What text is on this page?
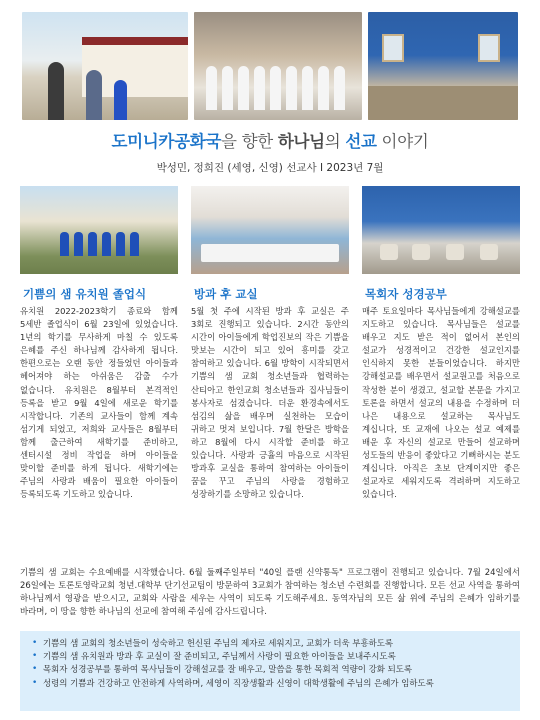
도미니카공화국을 향한 하나님의 선교 이야기
박성민, 정희진 (세영, 신영) 선교사 I 2023년 7월
기쁨의 샘 유치원 졸업식
유치원 2022-2023학기 종료와 함께 5세반 졸업식이 6월 23일에 있었습니다. 1년의 학기를 무사하게 마칠 수 있도록 은혜를 주신 하나님께 감사하게 됩니다. 한편으로는 오랜 동안 정들었던 아이들과 헤어져야 하는 아쉬움은 감출 수가 없습니다. 유치원은 8월부터 본격적인 등록을 받고 9월 4일에 새로운 학기를 시작합니다. 기존의 교사들이 함께 계속 섬기게 되었고, 저희와 교사들은 8월부터 함께 출근하여 새학기를 준비하고, 센터시설 정비 작업을 하며 아이들을 맞이할 준비를 하게 됩니다. 새학기에는 주님의 사랑과 배움이 필요한 아이들이 등록되도록 기도하고 있습니다.
방과 후 교실
5월 첫 주에 시작된 방과 후 교실은 주 3회로 진행되고 있습니다. 2시간 동안의 시간이 아이들에게 학업진보의 작은 기쁨을 맛보는 시간이 되고 있어 흥미를 갖고 참여하고 있습니다. 6월 방학이 시작되면서 기쁨의 샘 교회 청소년들과 협력하는 산티아고 한인교회 청소년들과 집사님들이 봉사자로 섬겼습니다. 더운 환경속에서도 섬김의 삶을 배우며 실천하는 모습이 귀하고 멋져 보입니다. 7월 한달은 방학을 하고 8월에 다시 시작할 준비를 하고 있습니다. 사랑과 긍휼의 마음으로 시작된 방과후 교실을 통하여 참여하는 아이들이 꿈을 꾸고 주님의 사랑을 경험하고 성장하기를 소망하고 있습니다.
목회자 성경공부
매주 토요일마다 목사님들에게 강해설교를 지도하고 있습니다. 목사님들은 설교를 배우고 지도 받은 적이 없어서 본인의 설교가 성경적이고 건강한 설교인지를 인식하지 못한 분들이었습니다. 하지만 강해설교를 배우면서 설교원고를 처음으로 작성한 분이 생겼고, 설교할 본문을 가지고 토론을 하면서 설교의 내용을 수정하며 더 나은 내용으로 설교하는 목사님도 계십니다, 또 교재에 나오는 설교 예제를 배운 후 자신의 설교로 만들어 설교하며 성도들의 반응이 좋았다고 기뻐하시는 분도 계십니다. 아직은 초보 단계이지만 좋은 설교자로 세워지도록 격려하며 지도하고 있습니다.
기쁨의 샘 교회는 수요예배를 시작했습니다. 6월 둘째주일부터 "40일 플랜 신약통독" 프로그램이 진행되고 있습니다. 7월 24일에서 26일에는 토론토영락교회 청년.대학부 단기선교팀이 방문하여 3교회가 참여하는 청소년 수련회를 진행합니다. 모든 선교 사역을 통하여 하나님께서 영광을 받으시고, 교회와 사람을 세우는 사역이 되도록 기도해주세요. 동역자님의 모든 삶 위에 주님의 은혜가 임하기를 바라며, 이 땅을 향한 하나님의 선교에 참여해 주심에 감사드립니다.
• 기쁨의 샘 교회의 청소년들이 성숙하고 헌신된 주님의 제자로 세워지고, 교회가 더욱 부흥하도록
• 기쁨의 샘 유치원과 방과 후 교실이 잘 준비되고, 주님께서 사랑이 필요한 아이들을 보내주시도록
• 목회자 성경공부를 통하여 목사님들이 강해설교를 잘 배우고, 말씀을 통한 목회적 역량이 강화 되도록
• 성령의 기쁨과 건강하고 안전하게 사역하며, 세영이 직장생활과 신영이 대학생활에 주님의 은혜가 임하도록
